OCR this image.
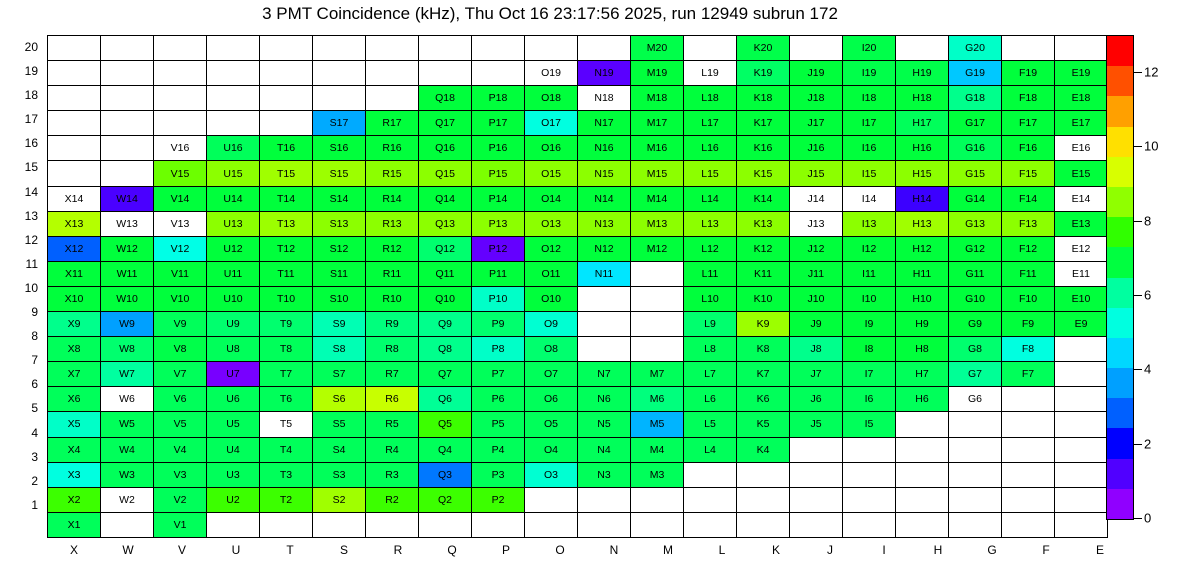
3 PMT Coincidence (kHz), Thu Oct 16 23:17:56 2025, run 12949 subrun 172
20
19
18
17
16
15
14
13
12
11
10
9
8
7
6
5
4
3
2
1
											M20		K20		I20		G20		
									O19	N19	M19	L19	K19	J19	I19	H19	G19	F19	E19
							Q18	P18	O18	N18	M18	L18	K18	J18	I18	H18	G18	F18	E18
					S17	R17	Q17	P17	O17	N17	M17	L17	K17	J17	I17	H17	G17	F17	E17
		V16	U16	T16	S16	R16	Q16	P16	O16	N16	M16	L16	K16	J16	I16	H16	G16	F16	E16
		V15	U15	T15	S15	R15	Q15	P15	O15	N15	M15	L15	K15	J15	I15	H15	G15	F15	E15
X14	W14	V14	U14	T14	S14	R14	Q14	P14	O14	N14	M14	L14	K14	J14	I14	H14	G14	F14	E14
X13	W13	V13	U13	T13	S13	R13	Q13	P13	O13	N13	M13	L13	K13	J13	I13	H13	G13	F13	E13
X12	W12	V12	U12	T12	S12	R12	Q12	P12	O12	N12	M12	L12	K12	J12	I12	H12	G12	F12	E12
X11	W11	V11	U11	T11	S11	R11	Q11	P11	O11	N11		L11	K11	J11	I11	H11	G11	F11	E11
X10	W10	V10	U10	T10	S10	R10	Q10	P10	O10			L10	K10	J10	I10	H10	G10	F10	E10
X9	W9	V9	U9	T9	S9	R9	Q9	P9	O9			L9	K9	J9	I9	H9	G9	F9	E9
X8	W8	V8	U8	T8	S8	R8	Q8	P8	O8			L8	K8	J8	I8	H8	G8	F8	
X7	W7	V7	U7	T7	S7	R7	Q7	P7	O7	N7	M7	L7	K7	J7	I7	H7	G7	F7	
X6	W6	V6	U6	T6	S6	R6	Q6	P6	O6	N6	M6	L6	K6	J6	I6	H6	G6		
X5	W5	V5	U5	T5	S5	R5	Q5	P5	O5	N5	M5	L5	K5	J5	I5				
X4	W4	V4	U4	T4	S4	R4	Q4	P4	O4	N4	M4	L4	K4						
X3	W3	V3	U3	T3	S3	R3	Q3	P3	O3	N3	M3								
X2	W2	V2	U2	T2	S2	R2	Q2	P2											
X1		V1																	
X	W	V	U	T	S	R	Q	P	O	N	M	L	K	J	I	H	G	F	E
0
2
4
6
8
10
12
